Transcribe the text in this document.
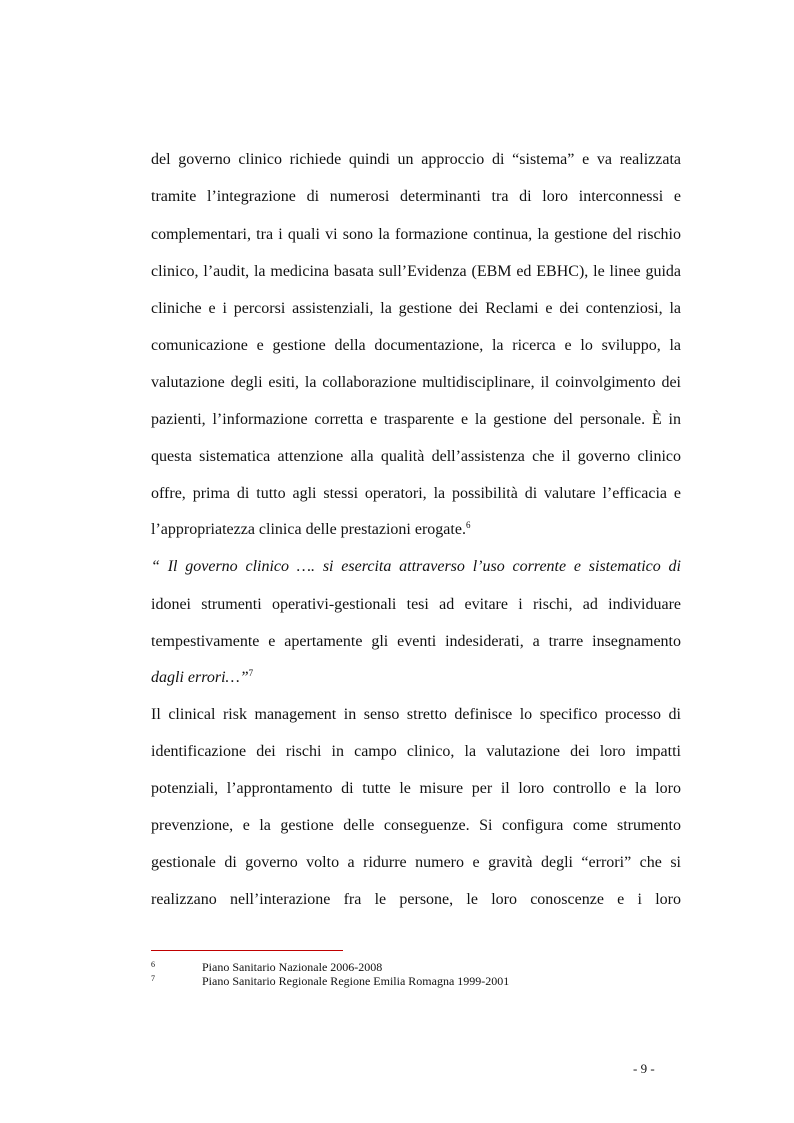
del governo clinico richiede quindi un approccio di “sistema” e va realizzata
tramite l’integrazione di numerosi determinanti tra di loro interconnessi e
complementari, tra i quali vi sono la formazione continua, la gestione del rischio
clinico, l’audit, la medicina basata sull’Evidenza (EBM ed EBHC), le linee guida
cliniche e i percorsi assistenziali, la gestione dei Reclami e dei contenziosi, la
comunicazione e gestione della documentazione, la ricerca e lo sviluppo, la
valutazione degli esiti, la collaborazione multidisciplinare, il coinvolgimento dei
pazienti, l’informazione corretta e trasparente e la gestione del personale. È in
questa sistematica attenzione alla qualità dell’assistenza che il governo clinico
offre, prima di tutto agli stessi operatori, la possibilità di valutare l’efficacia e
l’appropriatezza clinica delle prestazioni erogate.$^6$
“ Il governo clinico …. si esercita attraverso l’uso corrente e sistematico di
idonei strumenti operativi-gestionali tesi ad evitare i rischi, ad individuare
tempestivamente e apertamente gli eventi indesiderati, a trarre insegnamento
dagli errori…”$^7$
Il clinical risk management in senso stretto definisce lo specifico processo di
identificazione dei rischi in campo clinico, la valutazione dei loro impatti
potenziali, l’approntamento di tutte le misure per il loro controllo e la loro
prevenzione, e la gestione delle conseguenze. Si configura come strumento
gestionale di governo volto a ridurre numero e gravità degli “errori” che si
realizzano nell’interazione fra le persone, le loro conoscenze e i loro
6	Piano Sanitario Nazionale 2006-2008
7	Piano Sanitario Regionale Regione Emilia Romagna 1999-2001
- 9 -
